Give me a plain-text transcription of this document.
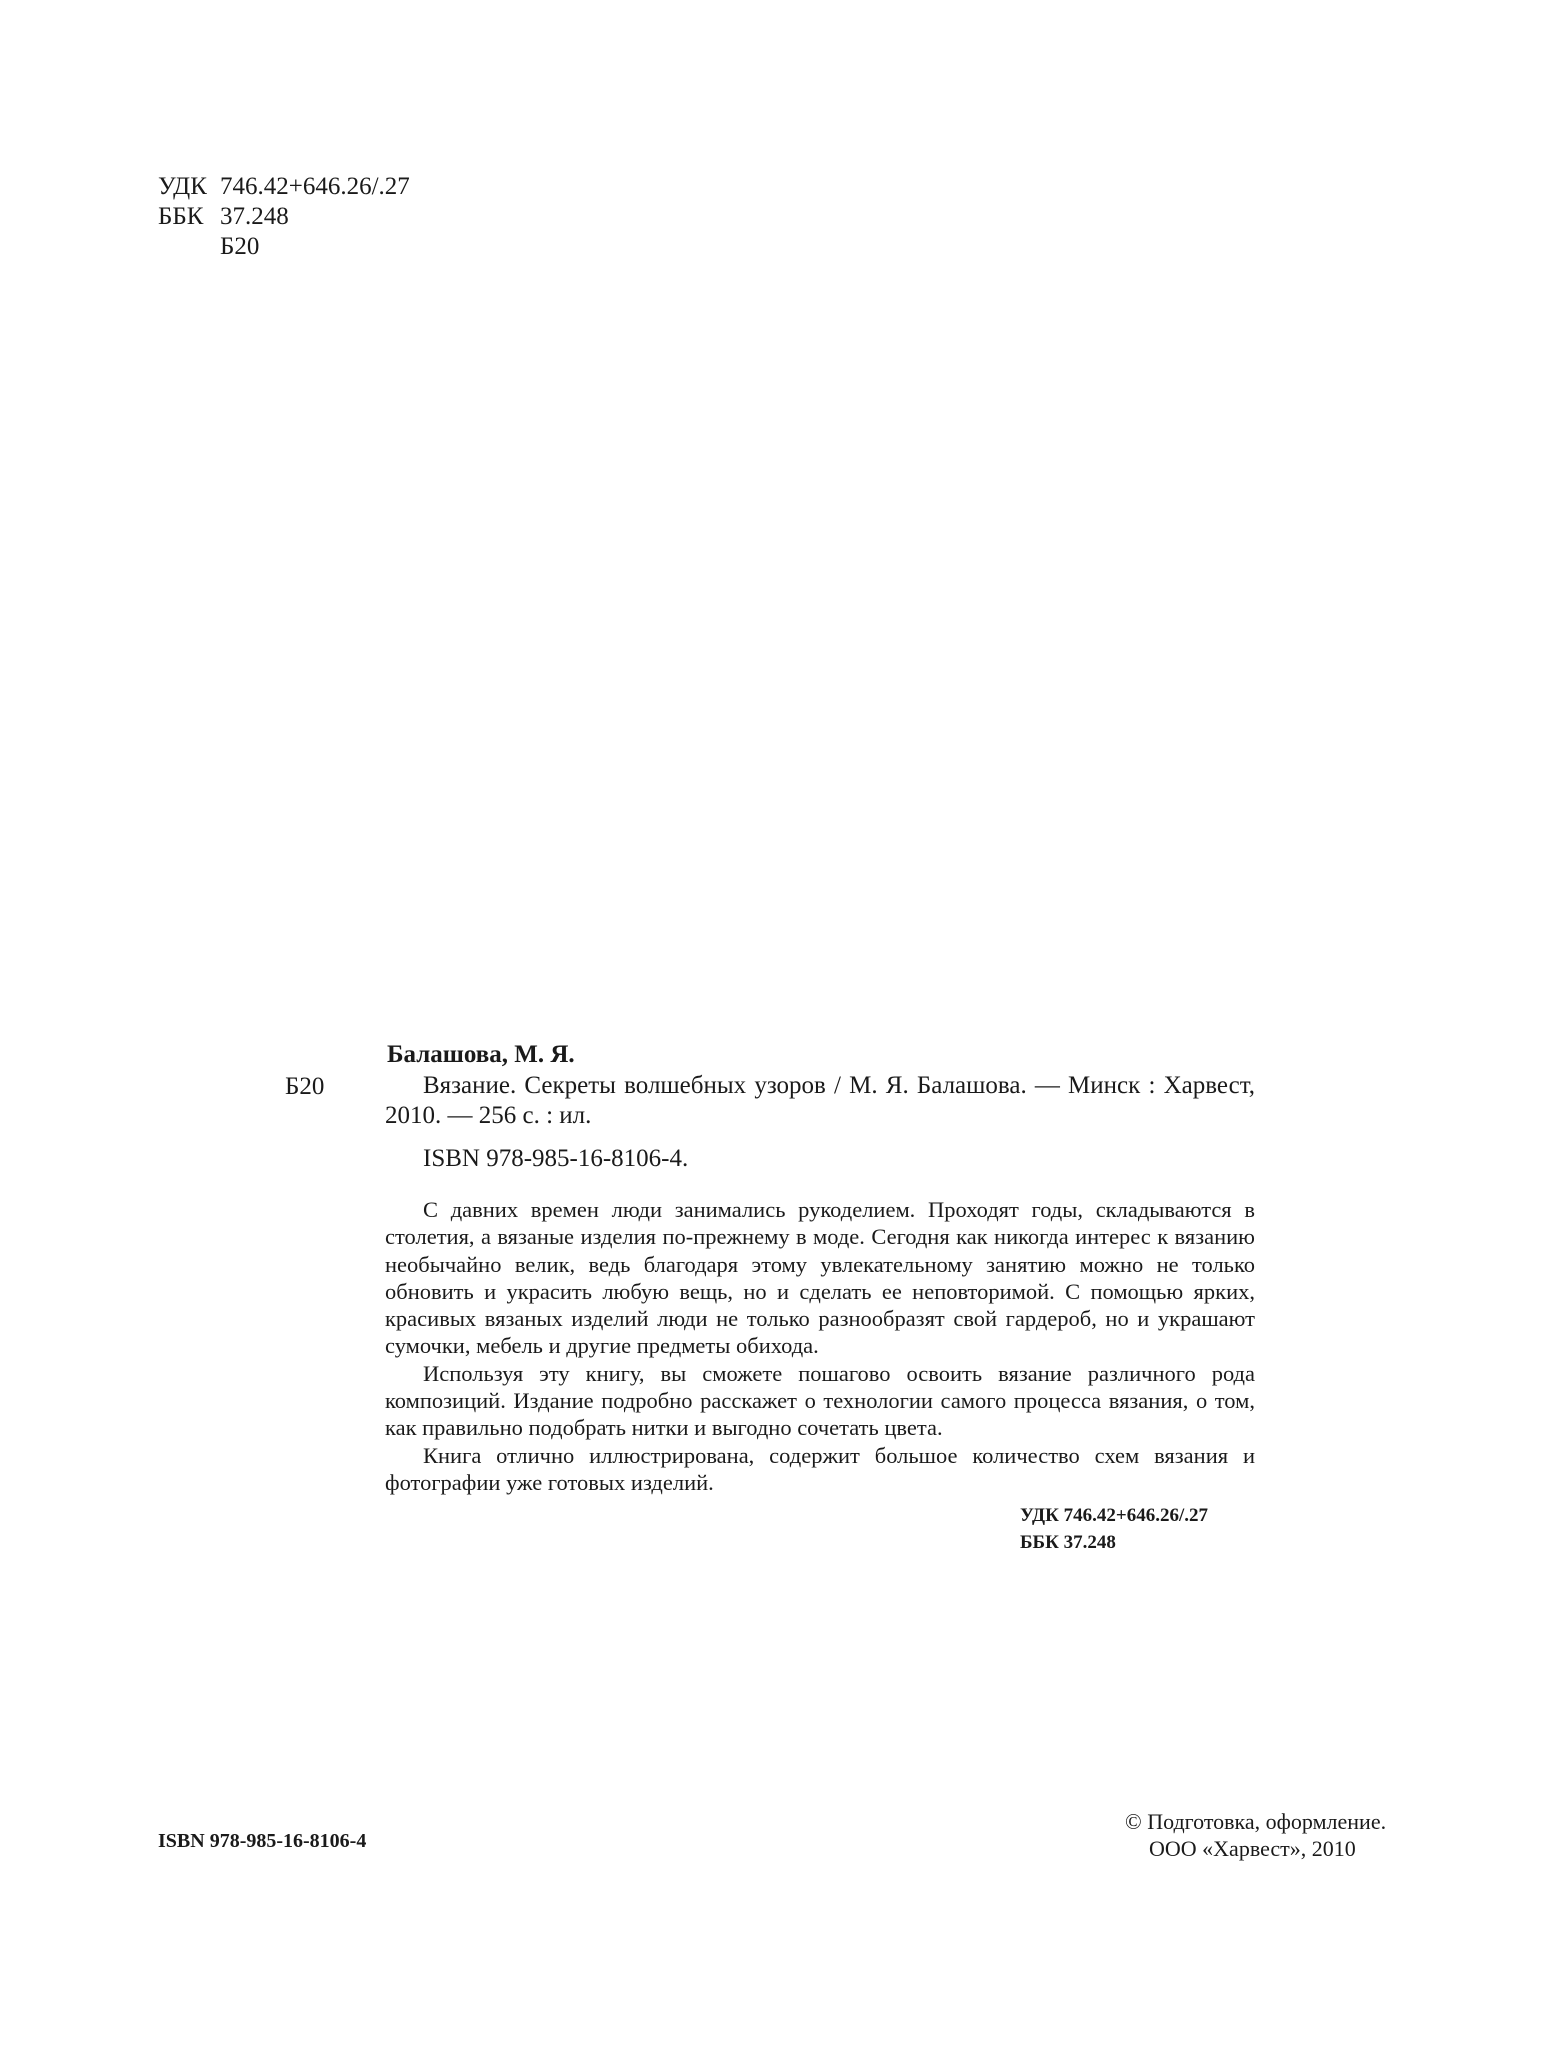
УДК 746.42+646.26/.27
ББК 37.248
Б20
Б20
Балашова, М. Я.

Вязание. Секреты волшебных узоров / М. Я. Балашова. — Минск : Харвест, 2010. — 256 с. : ил.

ISBN 978-985-16-8106-4.

С давних времен люди занимались рукоделием. Проходят годы, складываются в столетия, а вязаные изделия по-прежнему в моде. Сегодня как никогда интерес к вязанию необычайно велик, ведь благодаря этому увлекательному занятию можно не только обновить и украсить любую вещь, но и сделать ее неповторимой. С помощью ярких, красивых вязаных изделий люди не только разнообразят свой гардероб, но и украшают сумочки, мебель и другие предметы обихода.

Используя эту книгу, вы сможете пошагово освоить вязание различного рода композиций. Издание подробно расскажет о технологии самого процесса вязания, о том, как правильно подобрать нитки и выгодно сочетать цвета.

Книга отлично иллюстрирована, содержит большое количество схем вязания и фотографии уже готовых изделий.

УДК 746.42+646.26/.27
ББК 37.248
ISBN 978-985-16-8106-4
© Подготовка, оформление.
ООО «Харвест», 2010
